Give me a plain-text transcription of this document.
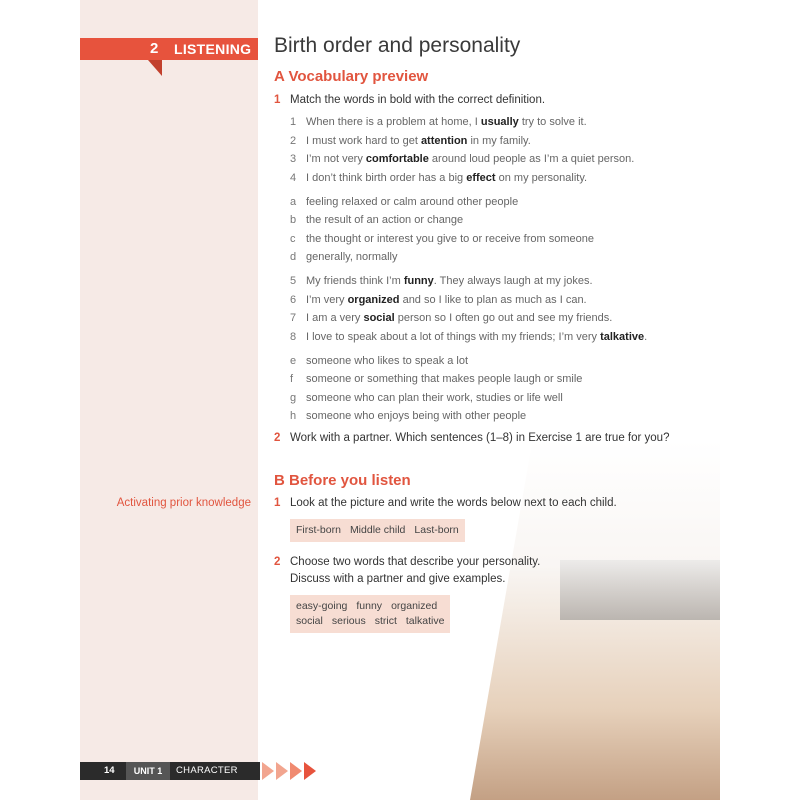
2 LISTENING Birth order and personality
A Vocabulary preview
1 Match the words in bold with the correct definition.
1 When there is a problem at home, I usually try to solve it.
2 I must work hard to get attention in my family.
3 I’m not very comfortable around loud people as I’m a quiet person.
4 I don’t think birth order has a big effect on my personality.
a feeling relaxed or calm around other people
b the result of an action or change
c the thought or interest you give to or receive from someone
d generally, normally
5 My friends think I’m funny. They always laugh at my jokes.
6 I’m very organized and so I like to plan as much as I can.
7 I am a very social person so I often go out and see my friends.
8 I love to speak about a lot of things with my friends; I’m very talkative.
e someone who likes to speak a lot
f someone or something that makes people laugh or smile
g someone who can plan their work, studies or life well
h someone who enjoys being with other people
2 Work with a partner. Which sentences (1–8) in Exercise 1 are true for you?
B Before you listen
Activating prior knowledge 1 Look at the picture and write the words below next to each child.
First-born Middle child Last-born
2 Choose two words that describe your personality.
Discuss with a partner and give examples.
easy-going funny organized
social serious strict talkative
14	UNIT 1	CHARACTER
